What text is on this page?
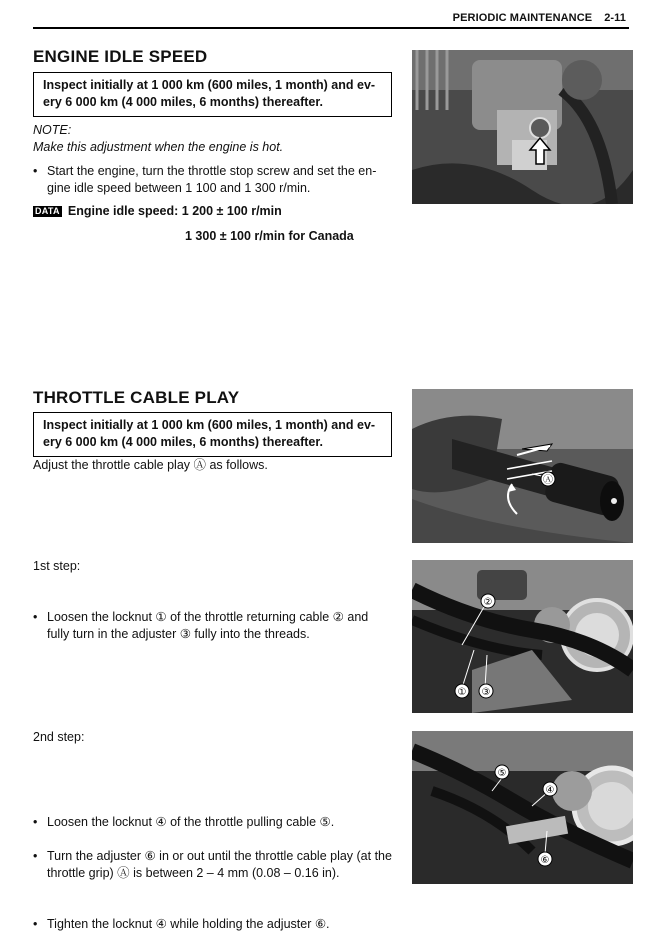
PERIODIC MAINTENANCE 2-11
ENGINE IDLE SPEED
Inspect initially at 1 000 km (600 miles, 1 month) and ev-
ery 6 000 km (4 000 miles, 6 months) thereafter.
NOTE:
Make this adjustment when the engine is hot.
• Start the engine, turn the throttle stop screw and set the en-
gine idle speed between 1 100 and 1 300 r/min.
DATA Engine idle speed: 1 200 ± 100 r/min
1 300 ± 100 r/min for Canada
THROTTLE CABLE PLAY
Inspect initially at 1 000 km (600 miles, 1 month) and ev-
ery 6 000 km (4 000 miles, 6 months) thereafter.
Adjust the throttle cable play Ⓐ as follows.
Ⓐ
1st step:
• Loosen the locknut ① of the throttle returning cable ② and
fully turn in the adjuster ③ fully into the threads.
②
① ③
2nd step:
• Loosen the locknut ④ of the throttle pulling cable ⑤.
• Turn the adjuster ⑥ in or out until the throttle cable play (at the
throttle grip) Ⓐ is between 2 – 4 mm (0.08 – 0.16 in).
• Tighten the locknut ④ while holding the adjuster ⑥.
⑤
④
⑥
